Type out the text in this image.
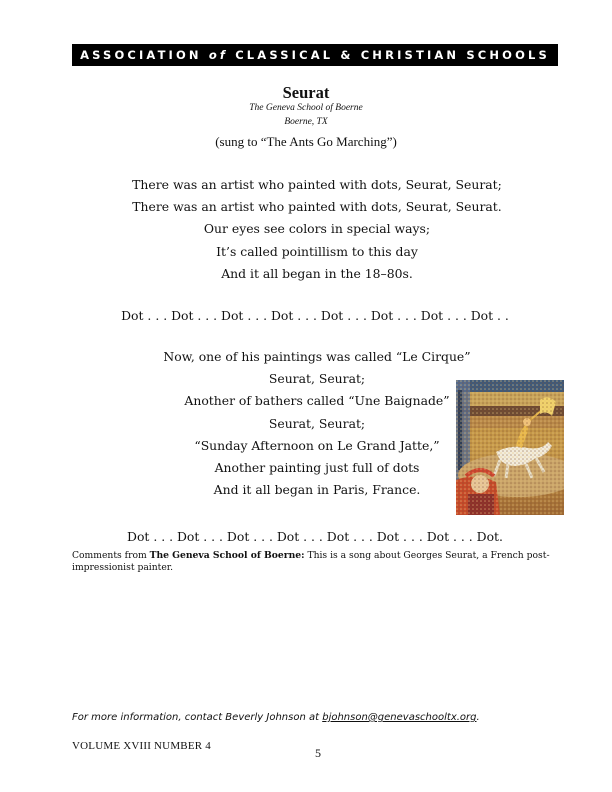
ASSOCIATION of CLASSICAL & CHRISTIAN SCHOOLS
Seurat
The Geneva School of Boerne
Boerne, TX
(sung to “The Ants Go Marching”)
There was an artist who painted with dots, Seurat, Seurat;
There was an artist who painted with dots, Seurat, Seurat.
Our eyes see colors in special ways;
It’s called pointillism to this day
And it all began in the 18–80s.
Dot . . . Dot . . . Dot . . . Dot . . . Dot . . . Dot . . . Dot . . . Dot . .
Now, one of his paintings was called “Le Cirque”
Seurat, Seurat;
Another of bathers called “Une Baignade”
Seurat, Seurat;
“Sunday Afternoon on Le Grand Jatte,”
Another painting just full of dots
And it all began in Paris, France.
Dot . . . Dot . . . Dot . . . Dot . . . Dot . . . Dot . . . Dot . . . Dot.
Comments from The Geneva School of Boerne: This is a song about Georges Seurat, a French post-impressionist painter.
For more information, contact Beverly Johnson at bjohnson@genevaschooltx.org.
VOLUME XVIII NUMBER 4	5
